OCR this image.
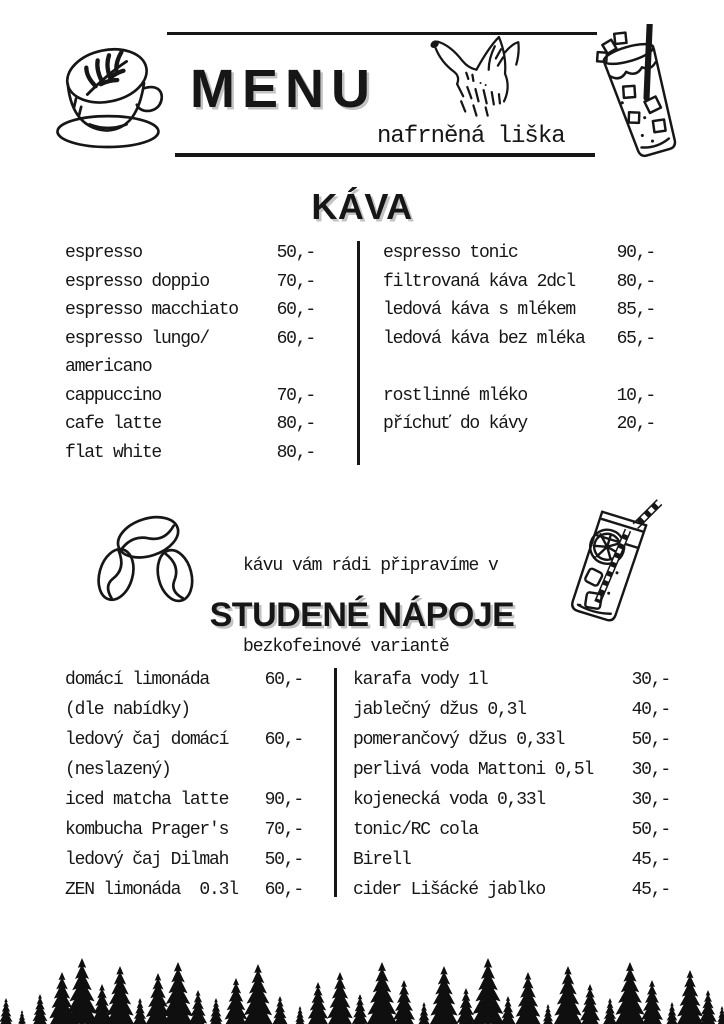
MENU
nafrněná liška
KÁVA
espresso	50,-
espresso doppio	70,-
espresso macchiato 60,-
espresso lungo/	60,-
americano
cappuccino	70,-
cafe latte	80,-
flat white	80,-
espresso tonic	90,-
filtrovaná káva 2dcl 80,-
ledová káva s mlékem 85,-
ledová káva bez mléka 65,-
rostlinné mléko	10,-
příchuť do kávy	20,-

kávu vám rádi připravíme v

bezkofeinové variantě

STUDENÉ NÁPOJE
domácí limonáda	60,-
(dle nabídky)
ledový čaj domácí 60,-
(neslazený)
iced matcha latte 90,-
kombucha Prager's 70,-
ledový čaj Dilmah 50,-
ZEN limonáda  0.3l 60,-
karafa vody 1l	30,-
jablečný džus 0,3l	40,-
pomerančový džus 0,33l	50,-
perlivá voda Mattoni 0,5l 30,-
kojenecká voda 0,33l	30,-
tonic/RC cola	50,-
Birell	45,-
cider Lišácké jablko	45,-
